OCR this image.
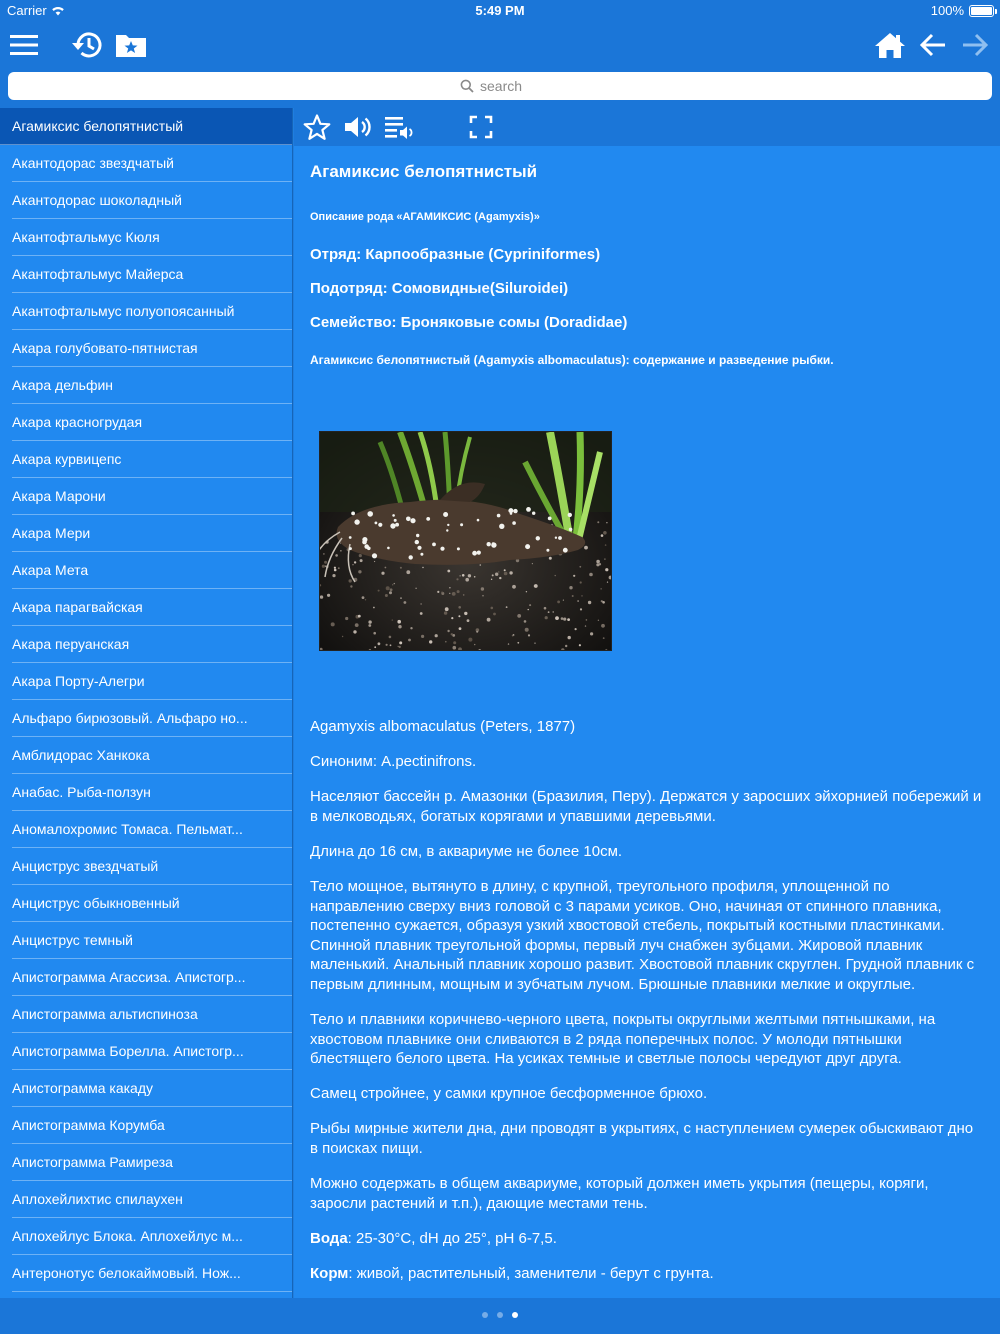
Carrier	5:49 PM	100%
search
Агамиксис белопятнистый
Акантодорас звездчатый
Акантодорас шоколадный
Акантофтальмус Кюля
Акантофтальмус Майерса
Акантофтальмус полуопоясанный
Акара голубовато-пятнистая
Акара дельфин
Акара красногрудая
Акара курвицепс
Акара Марони
Акара Мери
Акара Мета
Акара парагвайская
Акара перуанская
Акара Порту-Алегри
Альфаро бирюзовый. Альфаро но...
Амблидорас Ханкока
Анабас. Рыба-ползун
Аномалохромис Томаса. Пельмат...
Анциструс звездчатый
Анциструс обыкновенный
Анциструс темный
Апистограмма Агассиза. Апистогр...
Апистограмма альтиспиноза
Апистограмма Борелла. Апистогр...
Апистограмма какаду
Апистограмма Корумба
Апистограмма Рамиреза
Аплохейлихтис спилаухен
Аплохейлус Блока. Аплохейлус м...
Антеронотус белокаймовый. Нож...
Агамиксис белопятнистый
Описание рода «АГАМИКСИС (Agamyxis)»
Отряд: Карпообразные (Cypriniformes)
Подотряд: Сомовидные(Siluroidei)
Семейство: Броняковые сомы (Doradidae)
Агамиксис белопятнистый (Agamyxis albomaculatus): содержание и разведение рыбки.

Agamyxis albomaculatus (Peters, 1877)

Синоним: A.pectinifrons.

Населяют бассейн р. Амазонки (Бразилия, Перу). Держатся у заросших эйхорнией побережий и в мелководьях, богатых корягами и упавшими деревьями.

Длина до 16 см, в аквариуме не более 10см.

Тело мощное, вытянуто в длину, с крупной, треугольного профиля, уплощенной по направлению сверху вниз головой с 3 парами усиков. Оно, начиная от спинного плавника, постепенно сужается, образуя узкий хвостовой стебель, покрытый костными пластинками. Спинной плавник треугольной формы, первый луч снабжен зубцами. Жировой плавник маленький. Анальный плавник хорошо развит. Хвостовой плавник скруглен. Грудной плавник с первым длинным, мощным и зубчатым лучом. Брюшные плавники мелкие и округлые.

Тело и плавники коричнево-черного цвета, покрыты округлыми желтыми пятнышками, на хвостовом плавнике они сливаются в 2 ряда поперечных полос. У молоди пятнышки блестящего белого цвета. На усиках темные и светлые полосы чередуют друг друга.

Самец стройнее, у самки крупное бесформенное брюхо.

Рыбы мирные жители дна, дни проводят в укрытиях, с наступлением сумерек обыскивают дно в поисках пищи.

Можно содержать в общем аквариуме, который должен иметь укрытия (пещеры, коряги, заросли растений и т.п.), дающие местами тень.

Вода: 25-30°C, dH до 25°, pH 6-7,5.

Корм: живой, растительный, заменители - берут с грунта.
